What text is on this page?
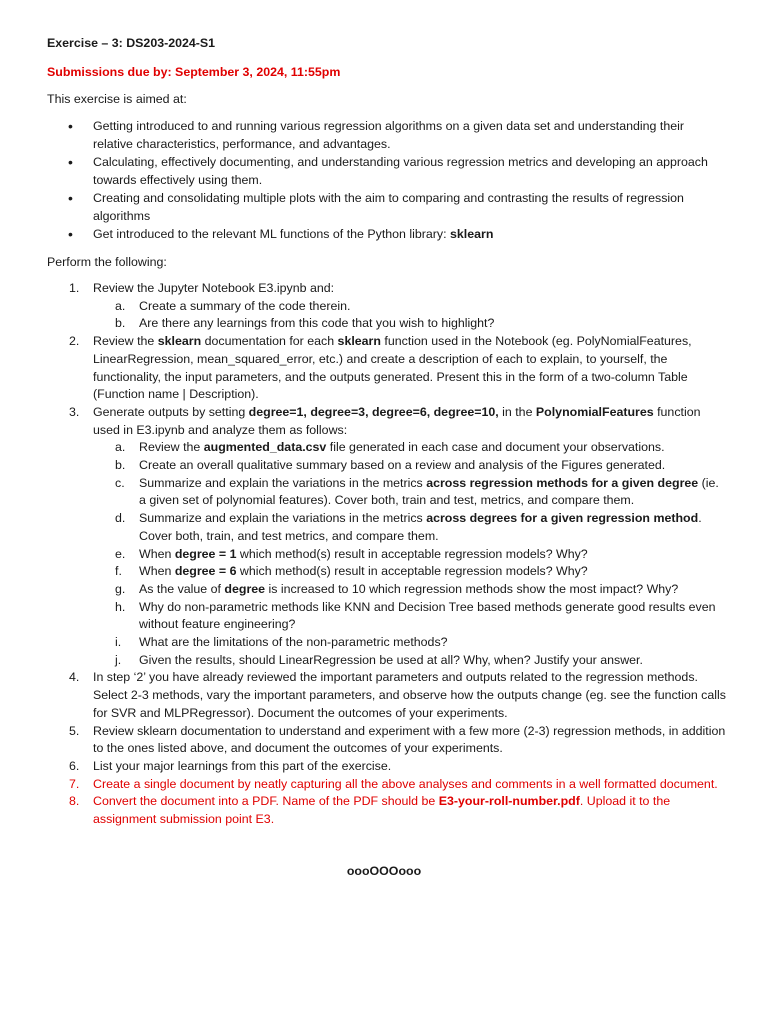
Exercise – 3: DS203-2024-S1
Submissions due by: September 3, 2024, 11:55pm
This exercise is aimed at:
• Getting introduced to and running various regression algorithms on a given data set and understanding their relative characteristics, performance, and advantages.
• Calculating, effectively documenting, and understanding various regression metrics and developing an approach towards effectively using them.
• Creating and consolidating multiple plots with the aim to comparing and contrasting the results of regression algorithms
• Get introduced to the relevant ML functions of the Python library: sklearn
Perform the following:
1. Review the Jupyter Notebook E3.ipynb and:
a. Create a summary of the code therein.
b. Are there any learnings from this code that you wish to highlight?
2. Review the sklearn documentation for each sklearn function used in the Notebook (eg. PolyNomialFeatures, LinearRegression, mean_squared_error, etc.) and create a description of each to explain, to yourself, the functionality, the input parameters, and the outputs generated. Present this in the form of a two-column Table (Function name | Description).
3. Generate outputs by setting degree=1, degree=3, degree=6, degree=10, in the PolynomialFeatures function used in E3.ipynb and analyze them as follows:
a. Review the augmented_data.csv file generated in each case and document your observations.
b. Create an overall qualitative summary based on a review and analysis of the Figures generated.
c. Summarize and explain the variations in the metrics across regression methods for a given degree (ie. a given set of polynomial features). Cover both, train and test, metrics, and compare them.
d. Summarize and explain the variations in the metrics across degrees for a given regression method. Cover both, train, and test metrics, and compare them.
e. When degree = 1 which method(s) result in acceptable regression models? Why?
f. When degree = 6 which method(s) result in acceptable regression models? Why?
g. As the value of degree is increased to 10 which regression methods show the most impact? Why?
h. Why do non-parametric methods like KNN and Decision Tree based methods generate good results even without feature engineering?
i. What are the limitations of the non-parametric methods?
j. Given the results, should LinearRegression be used at all? Why, when? Justify your answer.
4. In step ‘2’ you have already reviewed the important parameters and outputs related to the regression methods. Select 2-3 methods, vary the important parameters, and observe how the outputs change (eg. see the function calls for SVR and MLPRegressor). Document the outcomes of your experiments.
5. Review sklearn documentation to understand and experiment with a few more (2-3) regression methods, in addition to the ones listed above, and document the outcomes of your experiments.
6. List your major learnings from this part of the exercise.
7. Create a single document by neatly capturing all the above analyses and comments in a well formatted document.
8. Convert the document into a PDF. Name of the PDF should be E3-your-roll-number.pdf. Upload it to the assignment submission point E3.
oooOOOooo
